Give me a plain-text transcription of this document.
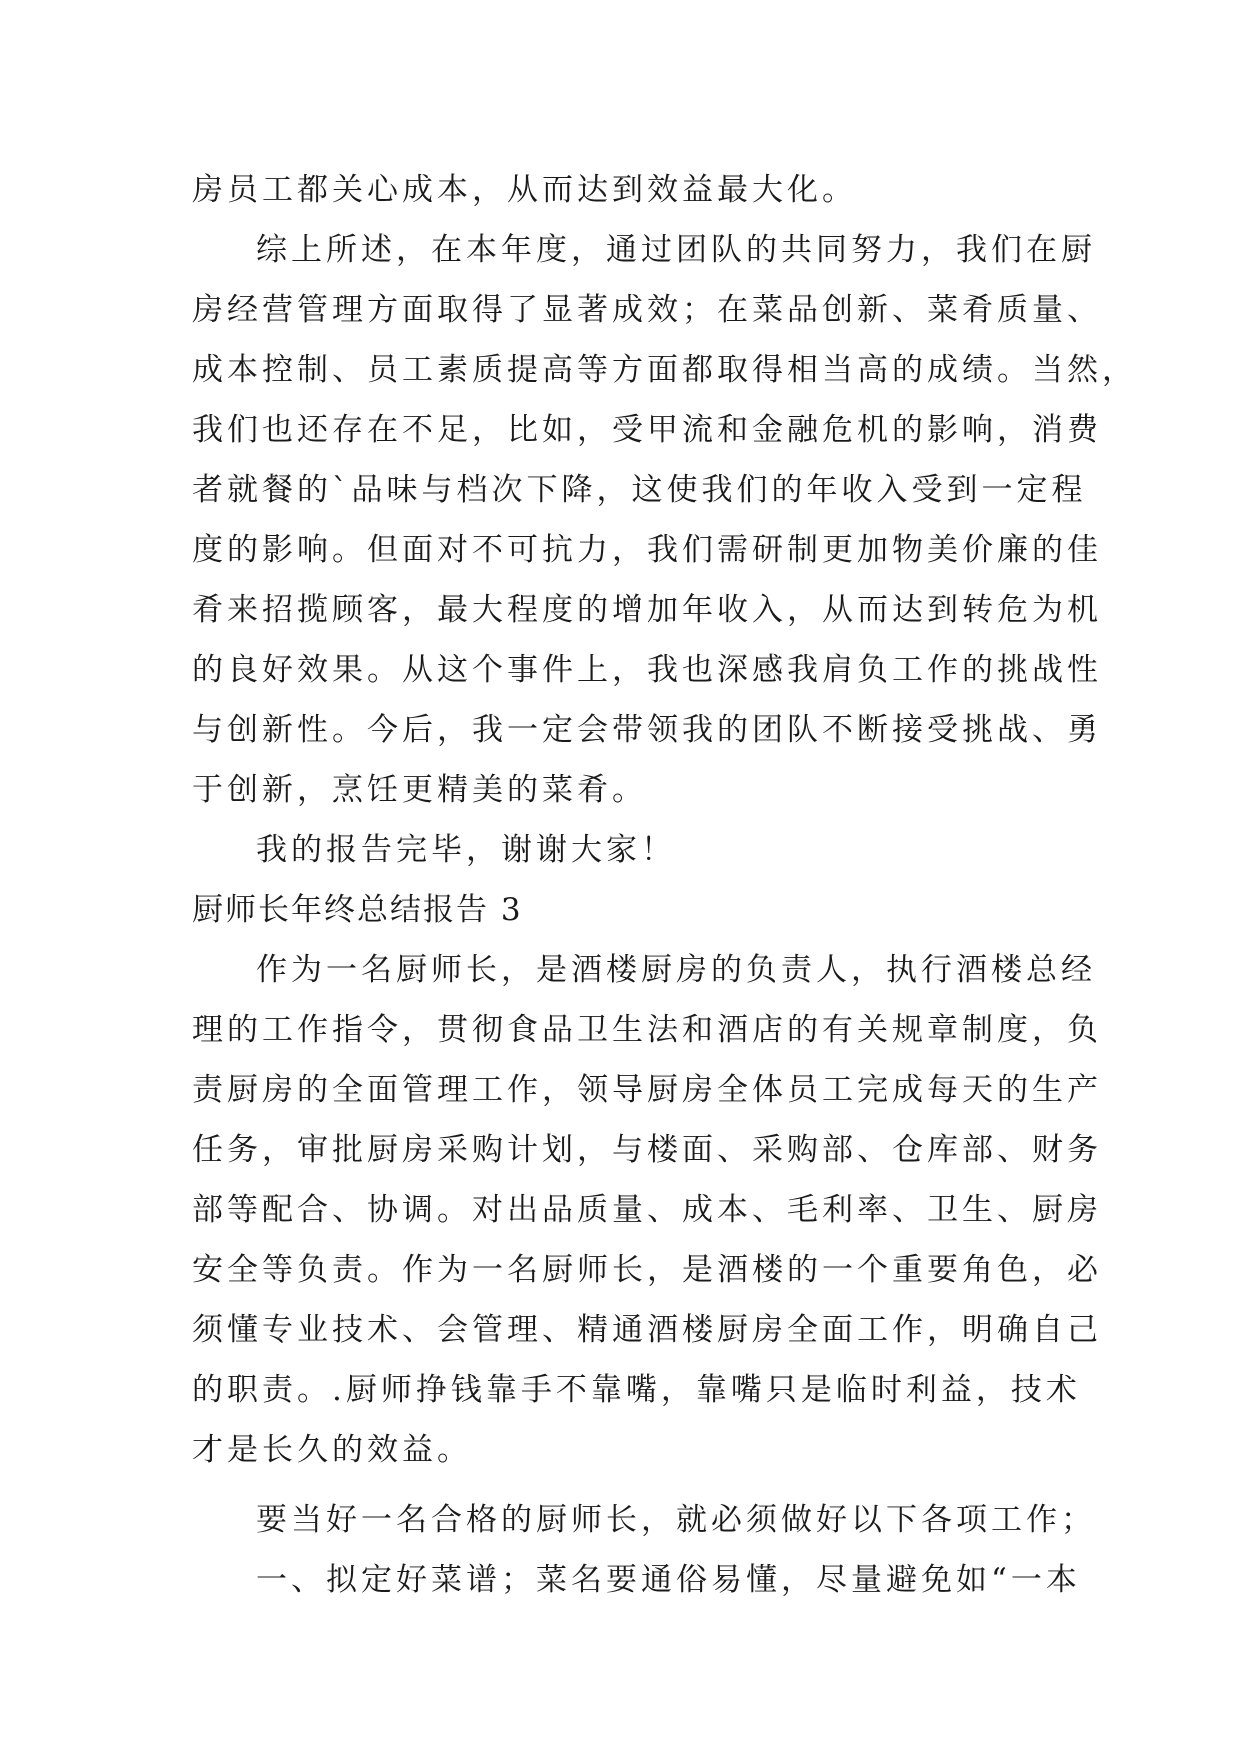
房员工都关心成本，从而达到效益最大化。

综上所述，在本年度，通过团队的共同努力，我们在厨
房经营管理方面取得了显著成效；在菜品创新、菜肴质量、
成本控制、员工素质提高等方面都取得相当高的成绩。当然，
我们也还存在不足，比如，受甲流和金融危机的影响，消费
者就餐的`品味与档次下降，这使我们的年收入受到一定程
度的影响。但面对不可抗力，我们需研制更加物美价廉的佳
肴来招揽顾客，最大程度的增加年收入，从而达到转危为机
的良好效果。从这个事件上，我也深感我肩负工作的挑战性
与创新性。今后，我一定会带领我的团队不断接受挑战、勇
于创新，烹饪更精美的菜肴。

我的报告完毕，谢谢大家！

厨师长年终总结报告 3

作为一名厨师长，是酒楼厨房的负责人，执行酒楼总经
理的工作指令，贯彻食品卫生法和酒店的有关规章制度，负
责厨房的全面管理工作，领导厨房全体员工完成每天的生产
任务，审批厨房采购计划，与楼面、采购部、仓库部、财务
部等配合、协调。对出品质量、成本、毛利率、卫生、厨房
安全等负责。作为一名厨师长，是酒楼的一个重要角色，必
须懂专业技术、会管理、精通酒楼厨房全面工作，明确自己
的职责。.厨师挣钱靠手不靠嘴，靠嘴只是临时利益，技术
才是长久的效益。

要当好一名合格的厨师长，就必须做好以下各项工作；

一、拟定好菜谱；菜名要通俗易懂，尽量避免如“一本
